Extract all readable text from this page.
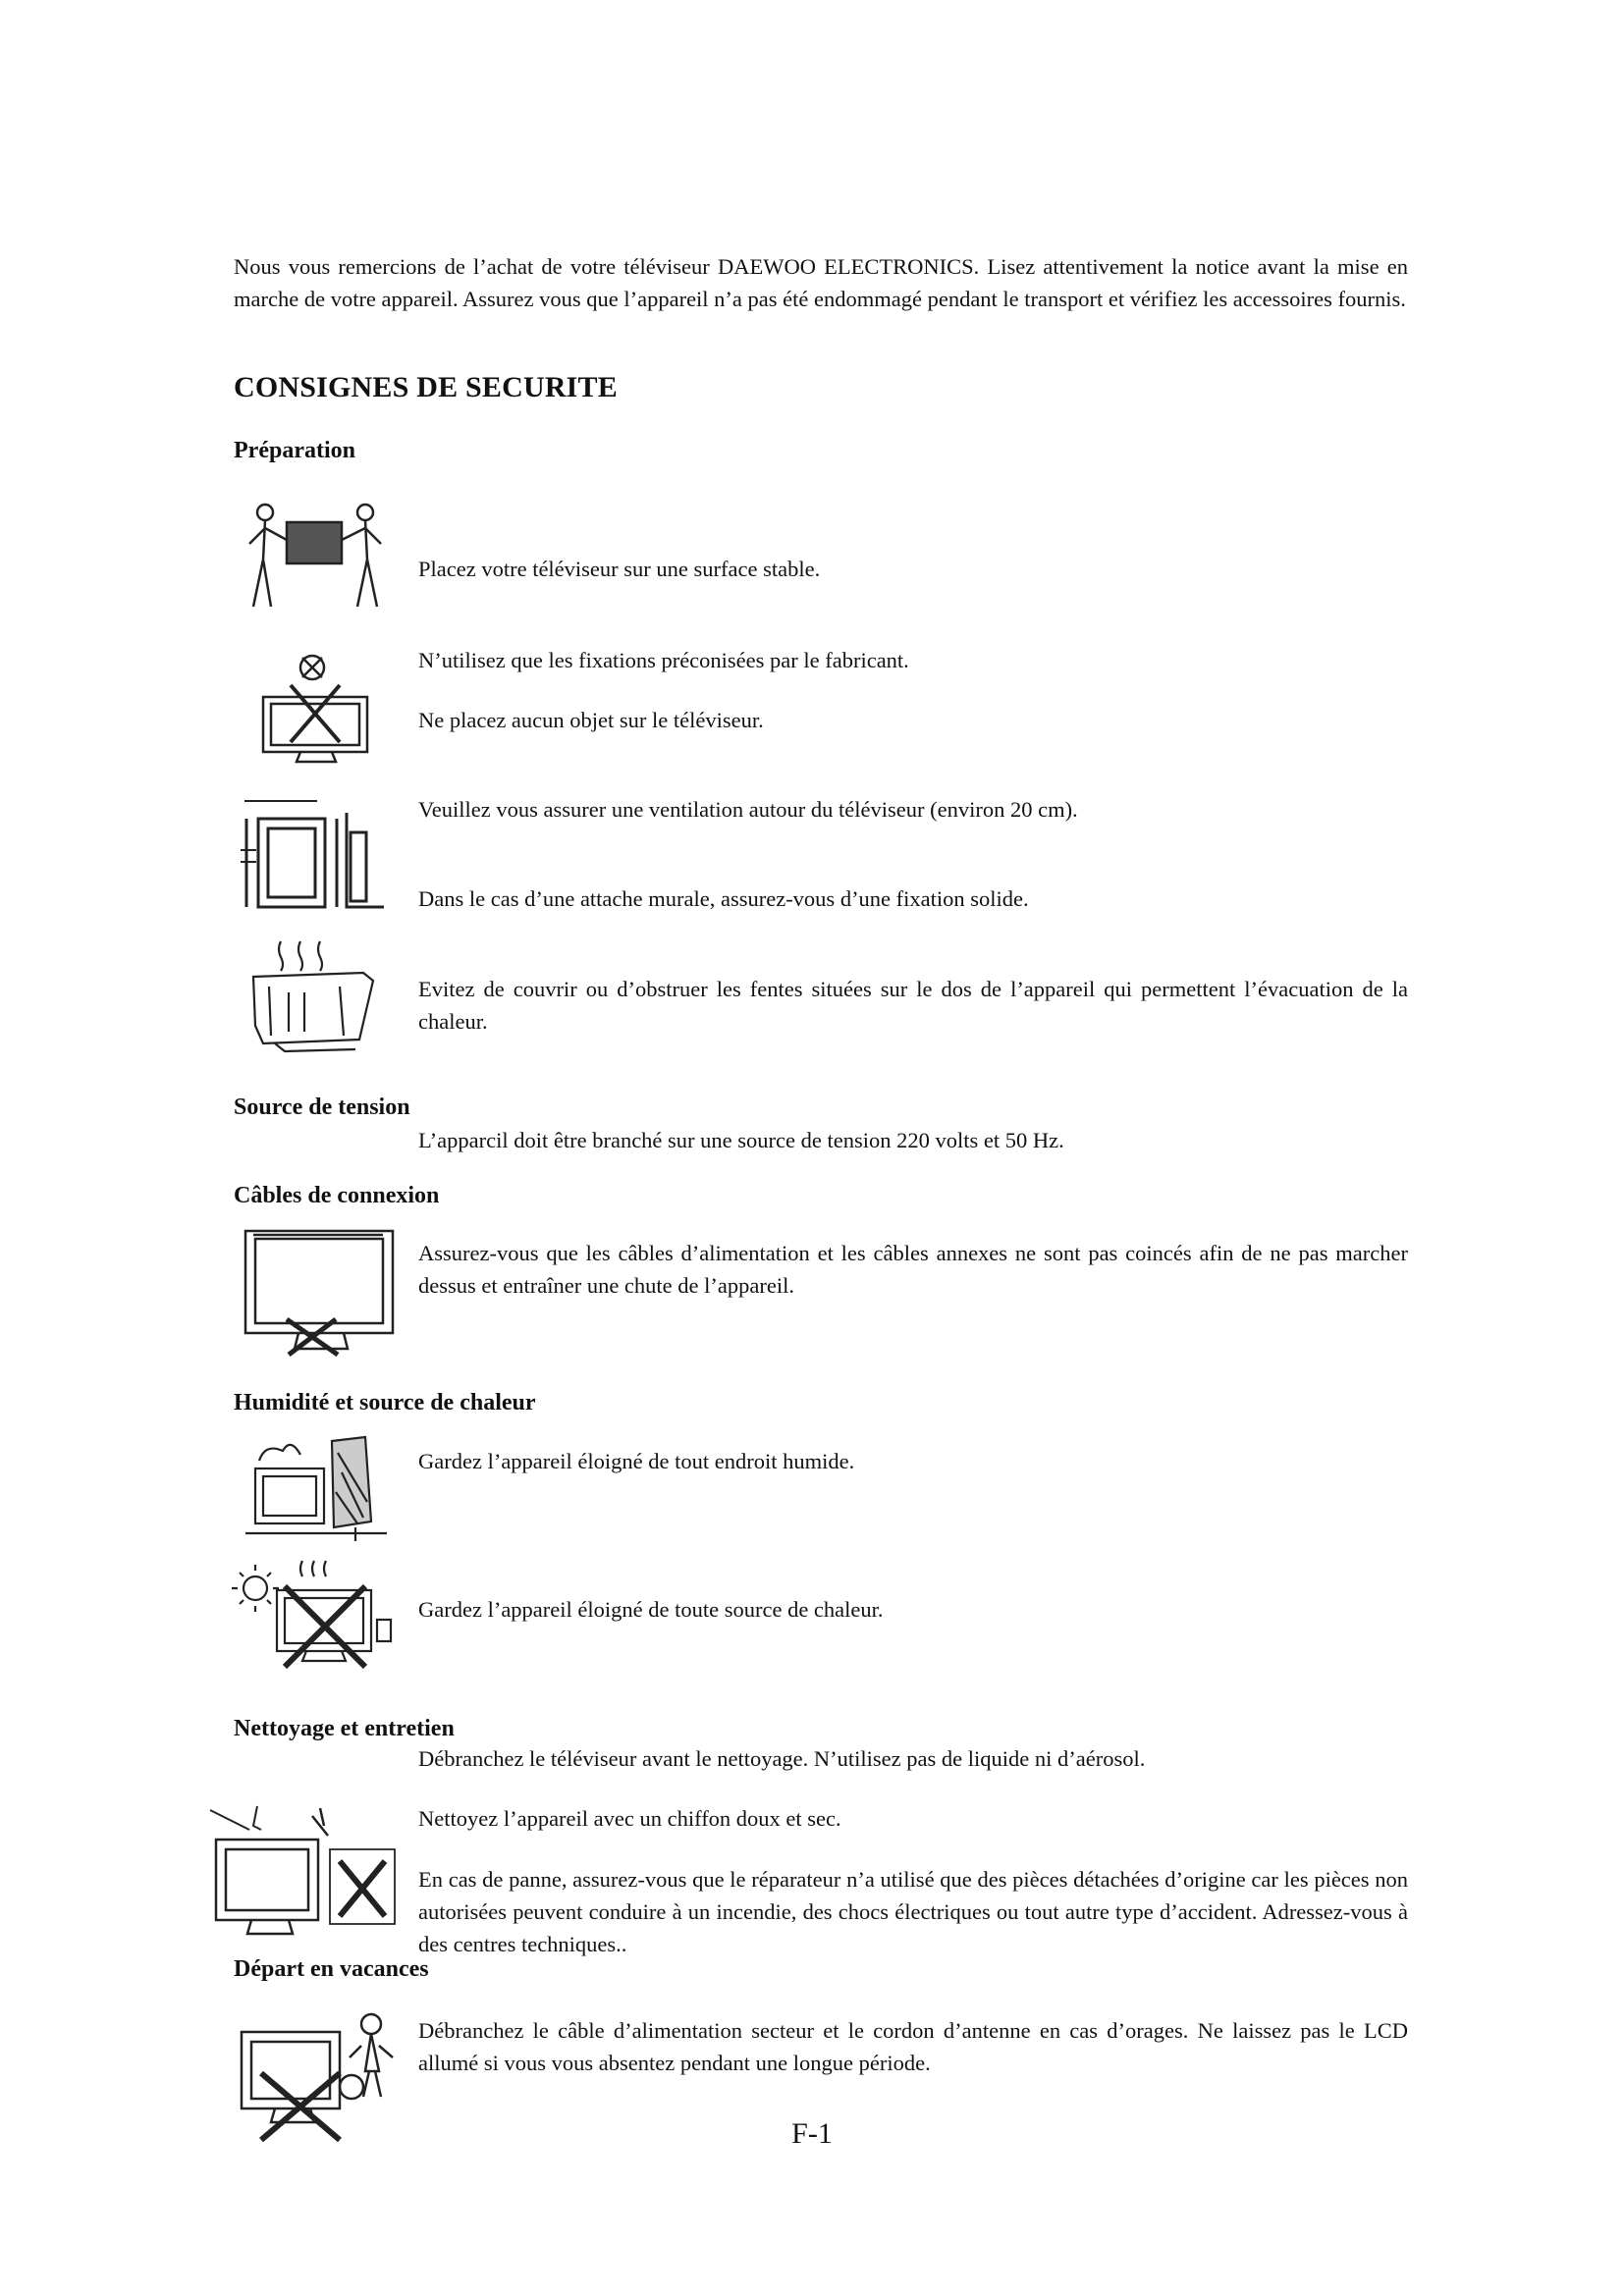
Nous vous remercions de l’achat de votre téléviseur DAEWOO ELECTRONICS. Lisez attentivement la notice avant la mise en marche de votre appareil. Assurez vous que l’appareil n’a pas été endommagé pendant le transport et vérifiez les accessoires fournis.
CONSIGNES DE SECURITE
Préparation
Placez votre téléviseur sur une surface stable.
N’utilisez que les fixations préconisées par le fabricant.
Ne placez aucun objet sur le téléviseur.
Veuillez vous assurer une ventilation autour du téléviseur (environ 20 cm).
Dans le cas d’une attache murale, assurez-vous d’une fixation solide.
Evitez de couvrir ou d’obstruer les fentes situées sur le dos de l’appareil qui permettent l’évacuation de la chaleur.
Source de tension
L’apparcil doit être branché sur une source de tension 220 volts et 50 Hz.
Câbles de connexion
Assurez-vous que les câbles d’alimentation et les câbles annexes ne sont pas coincés afin de ne pas marcher dessus et entraîner une chute de l’appareil.
Humidité et source de chaleur
Gardez l’appareil éloigné de tout endroit humide.
Gardez l’appareil éloigné de toute source de chaleur.
Nettoyage et entretien
Débranchez le téléviseur avant le nettoyage. N’utilisez pas de liquide ni d’aérosol.
Nettoyez l’appareil avec un chiffon doux et sec.
En cas de panne, assurez-vous que le réparateur n’a utilisé que des pièces détachées d’origine car les pièces non autorisées peuvent conduire à un incendie, des chocs électriques ou tout autre type d’accident. Adressez-vous à des centres techniques..
Départ en vacances
Débranchez le câble d’alimentation secteur et le cordon d’antenne en cas d’orages. Ne laissez pas le LCD allumé si vous vous absentez pendant une longue période.
F-1
